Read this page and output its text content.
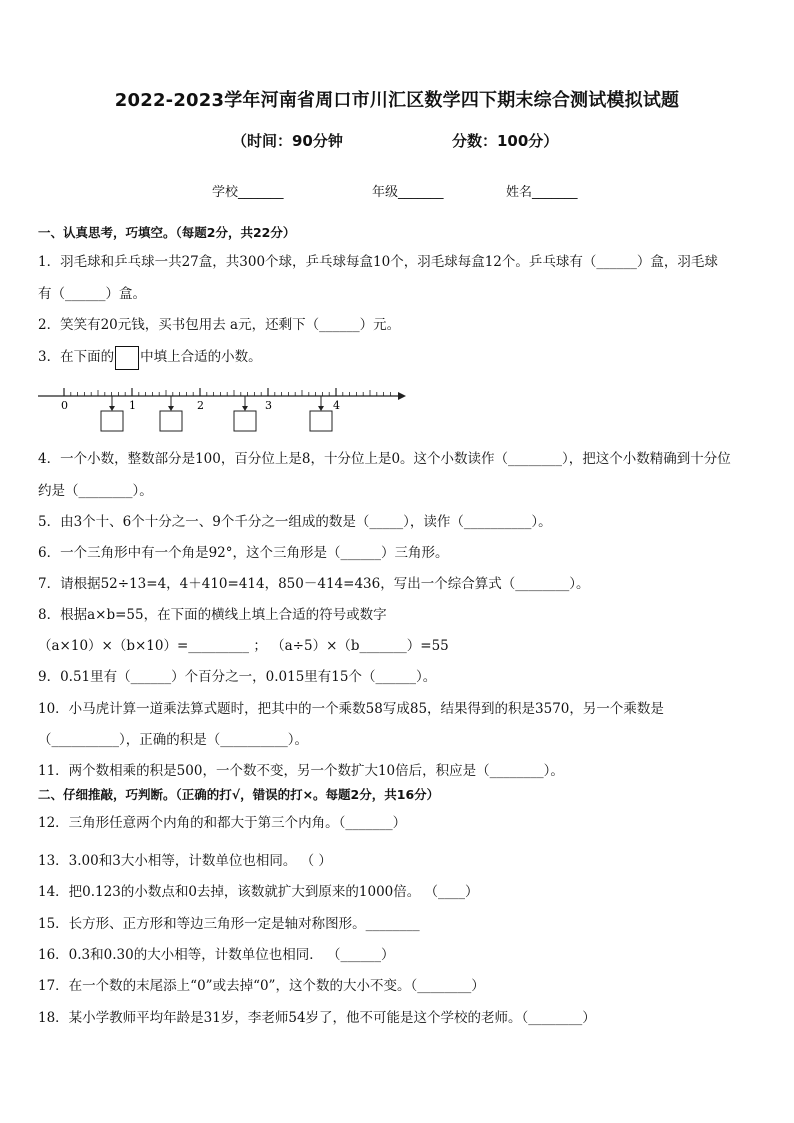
2022-2023学年河南省周口市川汇区数学四下期末综合测试模拟试题
（时间：90分钟	分数：100分）
学校_______	年级_______	姓名_______
一、认真思考，巧填空。（每题2分，共22分）
1．羽毛球和乒乓球一共27盒，共300个球，乒乓球每盒10个，羽毛球每盒12个。乒乓球有（______）盒，羽毛球
有（______）盒。
2．笑笑有20元钱，买书包用去 a元，还剩下（______）元。
3．在下面的 中填上合适的小数。
0	1	2	3	4
4．一个小数，整数部分是100，百分位上是8，十分位上是0。这个小数读作（________），把这个小数精确到十分位
约是（________）。
5．由3个十、6个十分之一、9个千分之一组成的数是（_____），读作（__________）。
6．一个三角形中有一个角是92°，这个三角形是（______）三角形。
7．请根据52÷13=4，4＋410=414，850－414=436，写出一个综合算式（________）。
8．根据a×b=55，在下面的横线上填上合适的符号或数字
（a×10）×（b×10）=_________ ； （a÷5）×（b_______）=55
9．0.51里有（______）个百分之一，0.015里有15个（______）。
10．小马虎计算一道乘法算式题时，把其中的一个乘数58写成85，结果得到的积是3570，另一个乘数是
（__________），正确的积是（__________）。
11．两个数相乘的积是500，一个数不变，另一个数扩大10倍后，积应是（________）。
二、仔细推敲，巧判断。（正确的打√，错误的打×。每题2分，共16分）
12．三角形任意两个内角的和都大于第三个内角。（_______）
13．3.00和3大小相等，计数单位也相同。 （ ）
14．把0.123的小数点和0去掉，该数就扩大到原来的1000倍。 （____）
15．长方形、正方形和等边三角形一定是轴对称图形。________
16．0.3和0.30的大小相等，计数单位也相同． （______）
17．在一个数的末尾添上“0”或去掉“0”，这个数的大小不变。（________）
18．某小学教师平均年龄是31岁，李老师54岁了，他不可能是这个学校的老师。（________）
